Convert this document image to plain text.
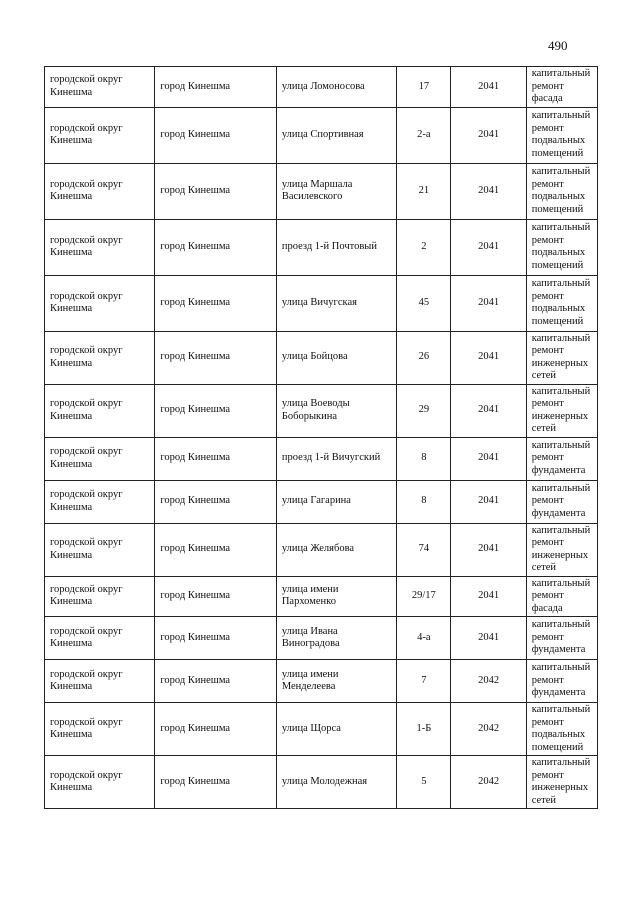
490
городской округ Кинешма	город Кинешма	улица Ломоносова	17	2041	капитальный ремонт фасада
городской округ Кинешма	город Кинешма	улица Спортивная	2-а	2041	капитальный ремонт подвальных помещений
городской округ Кинешма	город Кинешма	улица Маршала Василевского	21	2041	капитальный ремонт подвальных помещений
городской округ Кинешма	город Кинешма	проезд 1-й Почтовый	2	2041	капитальный ремонт подвальных помещений
городской округ Кинешма	город Кинешма	улица Вичугская	45	2041	капитальный ремонт подвальных помещений
городской округ Кинешма	город Кинешма	улица Бойцова	26	2041	капитальный ремонт инженерных сетей
городской округ Кинешма	город Кинешма	улица Воеводы Боборыкина	29	2041	капитальный ремонт инженерных сетей
городской округ Кинешма	город Кинешма	проезд 1-й Вичугский	8	2041	капитальный ремонт фундамента
городской округ Кинешма	город Кинешма	улица Гагарина	8	2041	капитальный ремонт фундамента
городской округ Кинешма	город Кинешма	улица Желябова	74	2041	капитальный ремонт инженерных сетей
городской округ Кинешма	город Кинешма	улица имени Пархоменко	29/17	2041	капитальный ремонт фасада
городской округ Кинешма	город Кинешма	улица Ивана Виноградова	4-а	2041	капитальный ремонт фундамента
городской округ Кинешма	город Кинешма	улица имени Менделеева	7	2042	капитальный ремонт фундамента
городской округ Кинешма	город Кинешма	улица Щорса	1-Б	2042	капитальный ремонт подвальных помещений
городской округ Кинешма	город Кинешма	улица Молодежная	5	2042	капитальный ремонт инженерных сетей
